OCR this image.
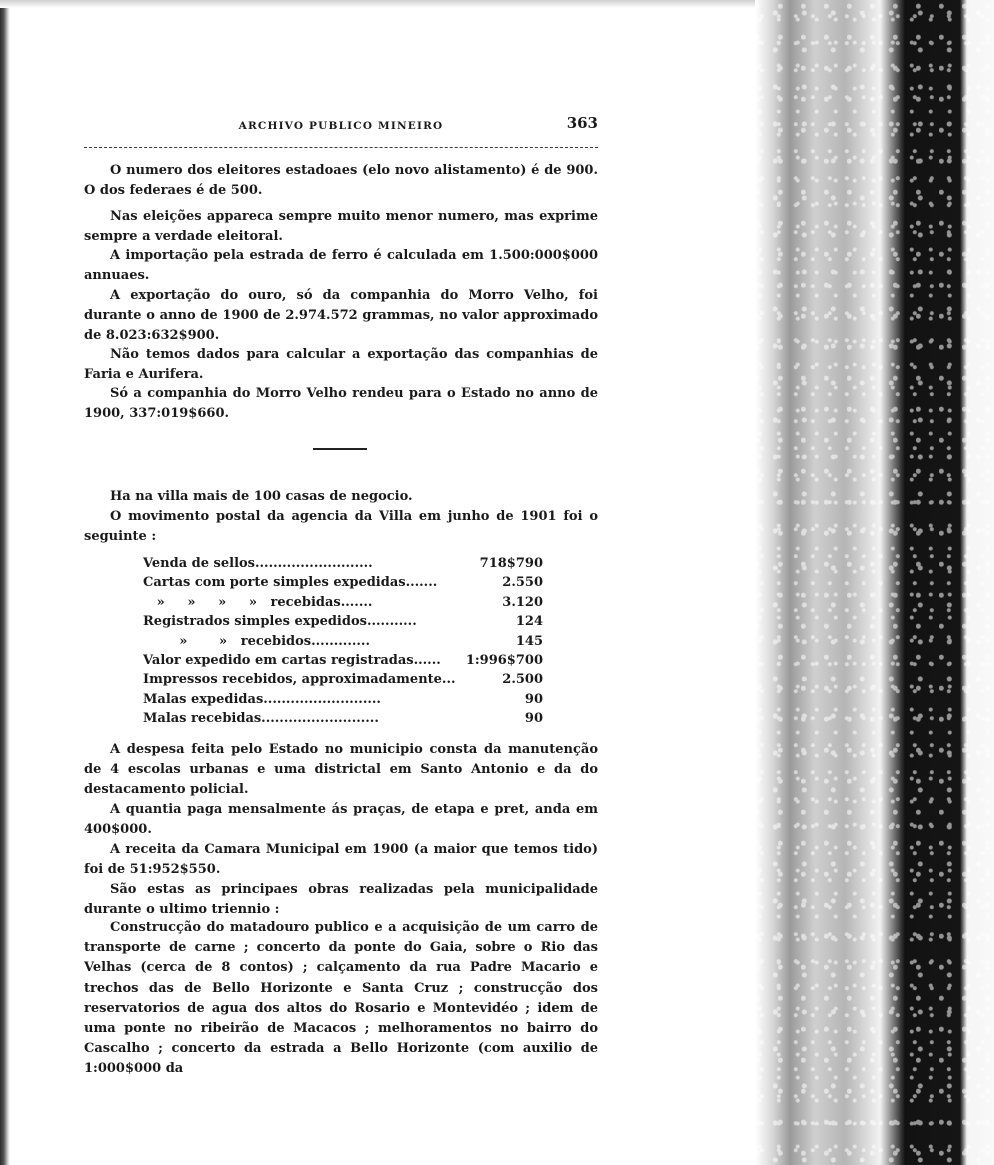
ARCHIVO PUBLICO MINEIRO	363

O numero dos eleitores estadoaes (elo novo alistamento) é de 900. O dos federaes é de 500.

Nas eleições appareca sempre muito menor numero, mas exprime sempre a verdade eleitoral.

A importação pela estrada de ferro é calculada em 1.500:000$000 annuaes.

A exportação do ouro, só da companhia do Morro Velho, foi durante o anno de 1900 de 2.974.572 grammas, no valor approximado de 8.023:632$900.

Não temos dados para calcular a exportação das companhias de Faria e Aurifera.

Só a companhia do Morro Velho rendeu para o Estado no anno de 1900, 337:019$660.

Ha na villa mais de 100 casas de negocio.

O movimento postal da agencia da Villa em junho de 1901 foi o seguinte :

Venda de sellos..........................	718$790
Cartas com porte simples expedidas.......	2.550
»     »     »     »   recebidas.......	3.120
Registrados simples expedidos...........	124
»       »   recebidos.............	145
Valor expedido em cartas registradas......	1:996$700
Impressos recebidos, approximadamente...	2.500
Malas expedidas..........................	90
Malas recebidas..........................	90

A despesa feita pelo Estado no municipio consta da manutenção de 4 escolas urbanas e uma districtal em Santo Antonio e da do destacamento policial.

A quantia paga mensalmente ás praças, de etapa e pret, anda em 400$000.

A receita da Camara Municipal em 1900 (a maior que temos tido) foi de 51:952$550.

São estas as principaes obras realizadas pela municipalidade durante o ultimo triennio :

Construcção do matadouro publico e a acquisição de um carro de transporte de carne ; concerto da ponte do Gaia, sobre o Rio das Velhas (cerca de 8 contos) ; calçamento da rua Padre Macario e trechos das de Bello Horizonte e Santa Cruz ; construcção dos reservatorios de agua dos altos do Rosario e Montevidéo ; idem de uma ponte no ribeirão de Macacos ; melhoramentos no bairro do Cascalho ; concerto da estrada a Bello Horizonte (com auxilio de 1:000$000 da
